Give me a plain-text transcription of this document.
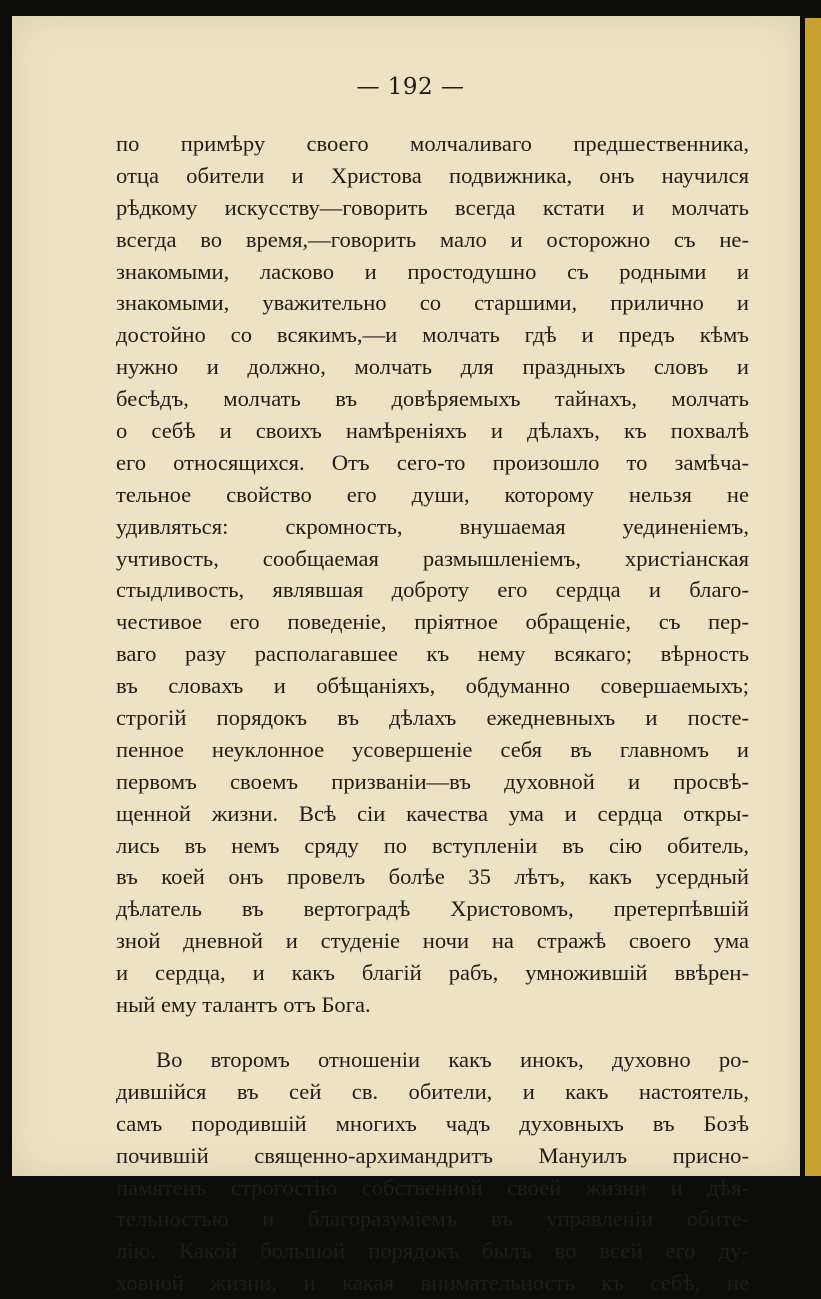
— 192 —
по примѣру своего молчаливаго предшественника,
отца обители и Христова подвижника, онъ научился
рѣдкому искусству—говорить всегда кстати и молчать
всегда во время,—говорить мало и осторожно съ не-
знакомыми, ласково и простодушно съ родными и
знакомыми, уважительно со старшими, прилично и
достойно со всякимъ,—и молчать гдѣ и предъ кѣмъ
нужно и должно, молчать для праздныхъ словъ и
бесѣдъ, молчать въ довѣряемыхъ тайнахъ, молчать
о себѣ и своихъ намѣреніяхъ и дѣлахъ, къ похвалѣ
его относящихся. Отъ сего-то произошло то замѣча-
тельное свойство его души, которому нельзя не
удивляться: скромность, внушаемая уединеніемъ,
учтивость, сообщаемая размышленіемъ, христіанская
стыдливость, являвшая доброту его сердца и благо-
честивое его поведеніе, пріятное обращеніе, съ пер-
ваго разу располагавшее къ нему всякаго; вѣрность
въ словахъ и обѣщаніяхъ, обдуманно совершаемыхъ;
строгій порядокъ въ дѣлахъ ежедневныхъ и посте-
пенное неуклонное усовершеніе себя въ главномъ и
первомъ своемъ призваніи—въ духовной и просвѣ-
щенной жизни. Всѣ сіи качества ума и сердца откры-
лись въ немъ сряду по вступленіи въ сію обитель,
въ коей онъ провелъ болѣе 35 лѣтъ, какъ усердный
дѣлатель въ вертоградѣ Христовомъ, претерпѣвшій
зной дневной и студеніе ночи на стражѣ своего ума
и сердца, и какъ благій рабъ, умножившій ввѣрен-
ный ему талантъ отъ Бога.
Во второмъ отношеніи какъ инокъ, духовно ро-
дившійся въ сей св. обители, и какъ настоятель,
самъ породившій многихъ чадъ духовныхъ въ Бозѣ
почившій священно-архимандритъ Мануилъ присно-
памятенъ строгостію собственной своей жизни и дѣя-
тельностью и благоразуміемъ въ управленіи обите-
лію. Какой большой порядокъ былъ во всей его ду-
ховной жизни, и какая внимательность къ себѣ, не
